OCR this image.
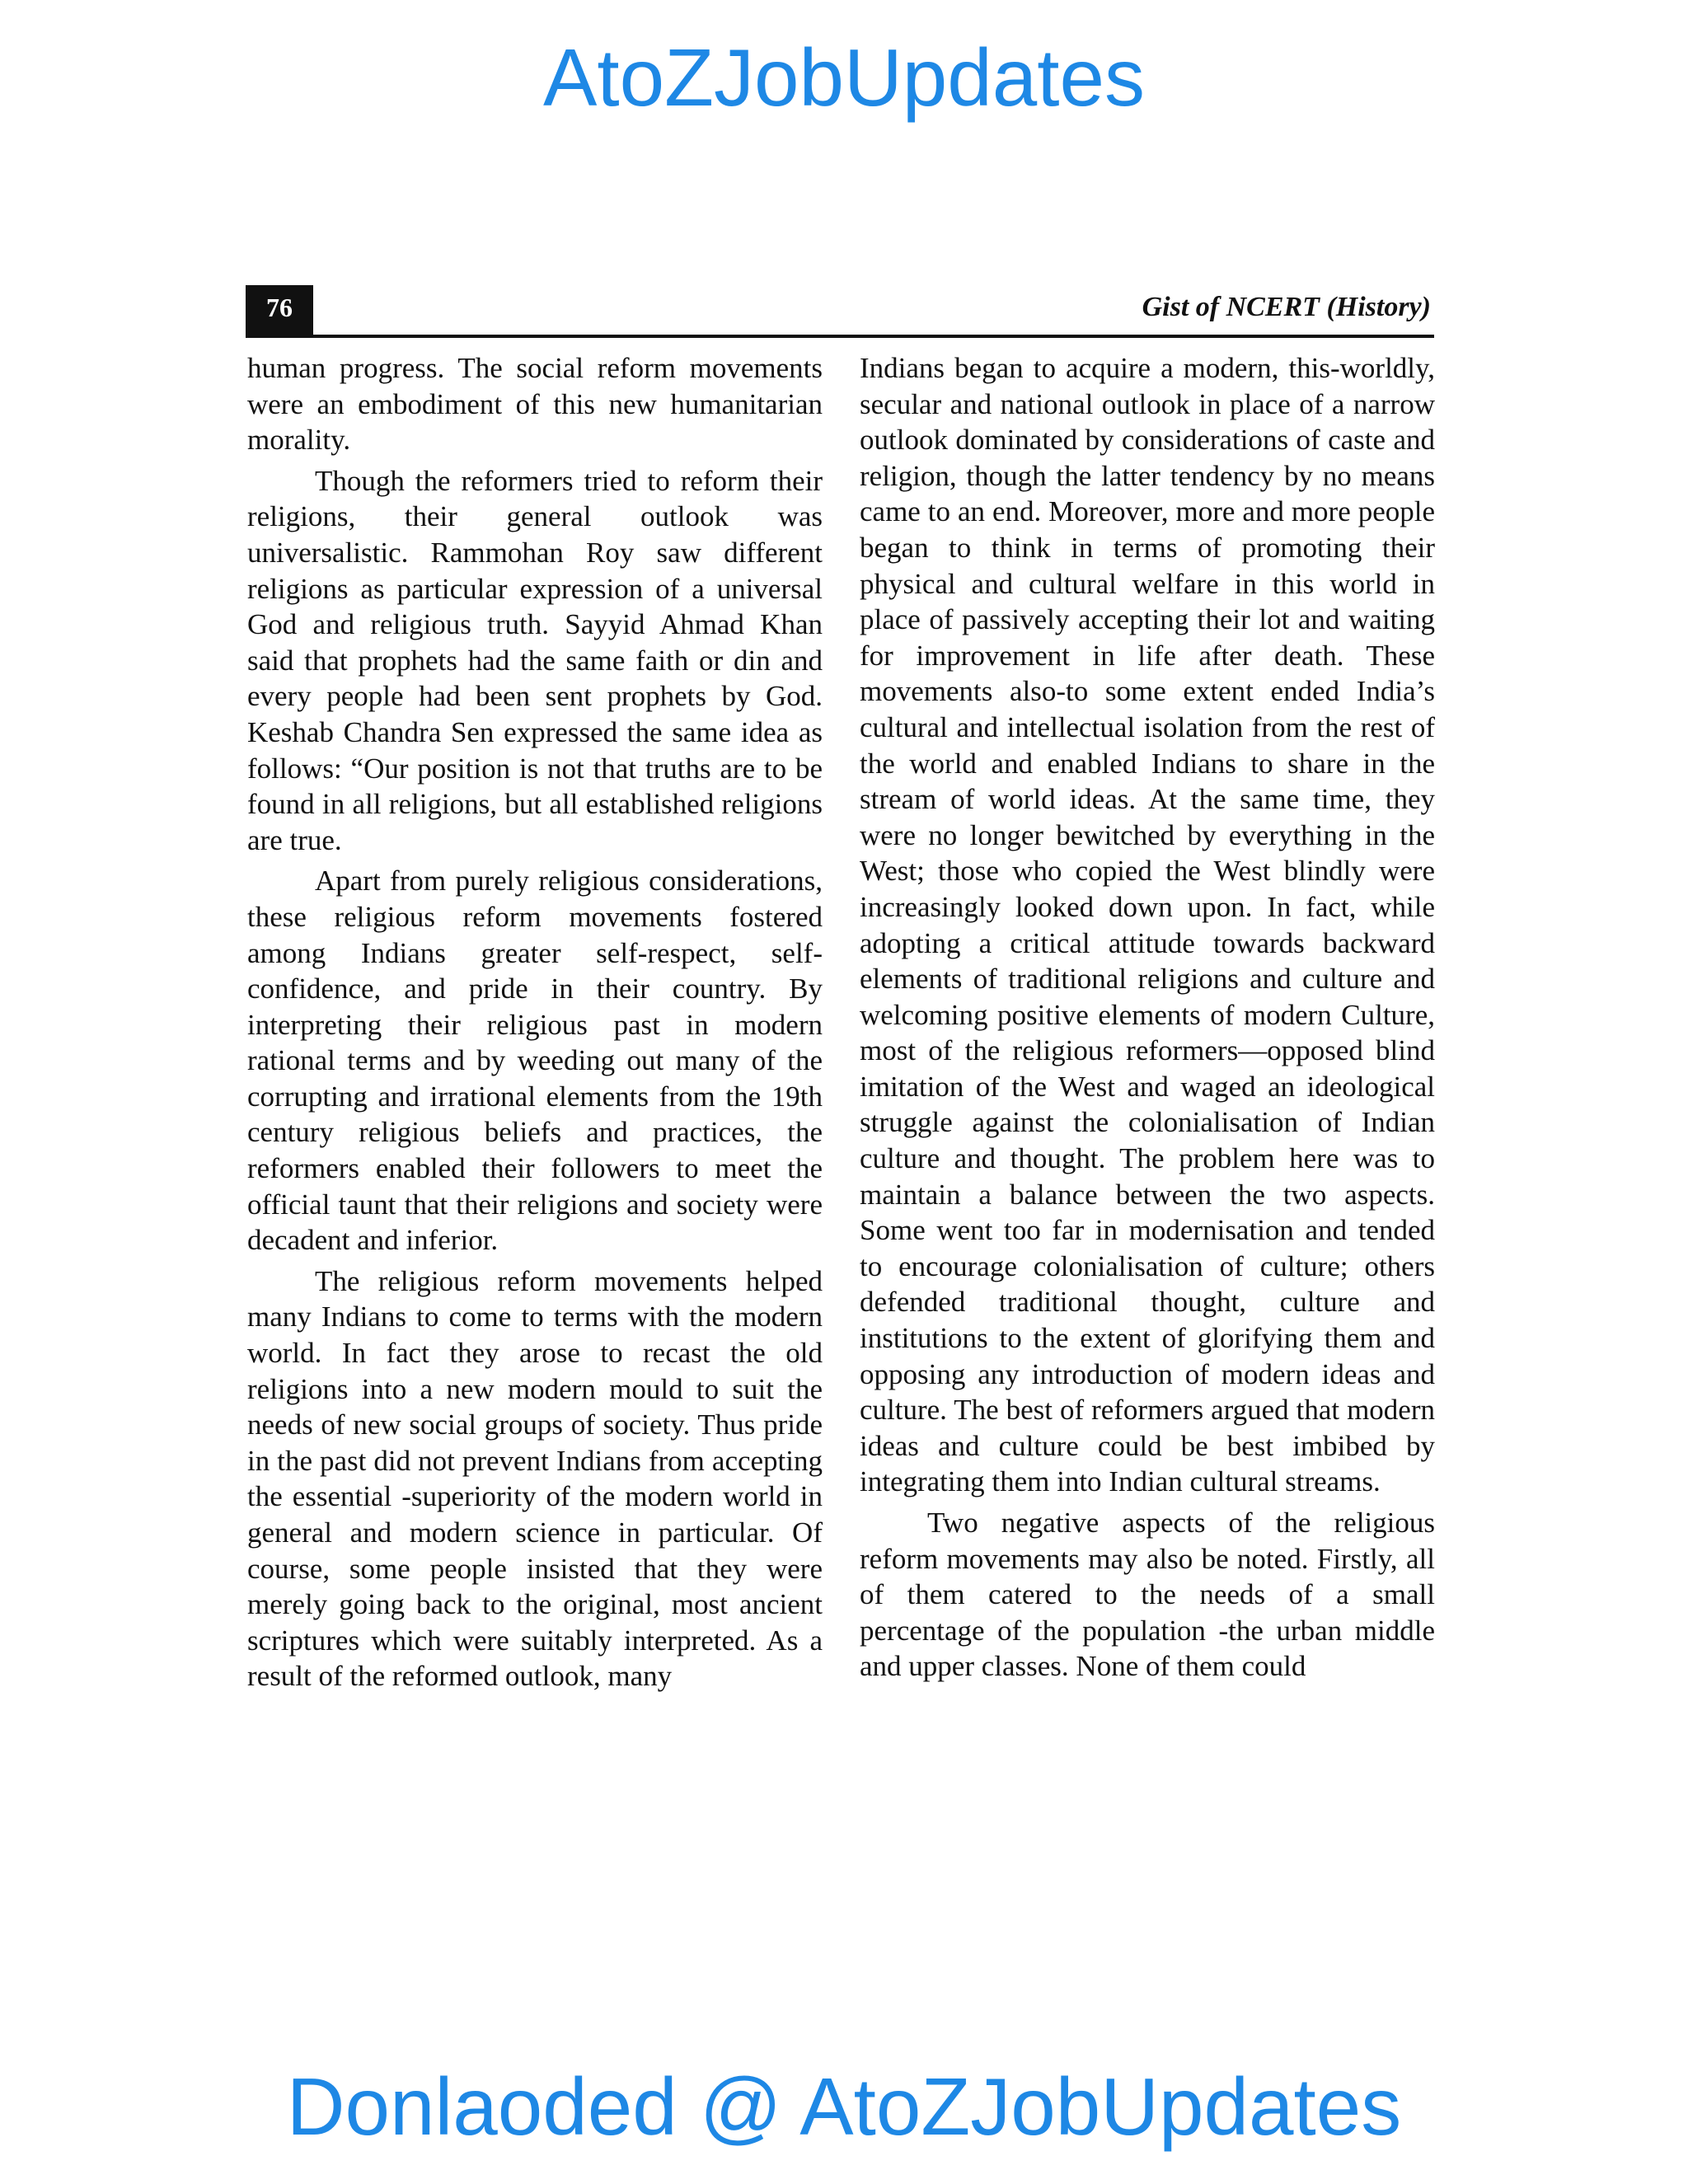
AtoZJobUpdates
76	Gist of NCERT (History)

human progress. The social reform movements were an embodiment of this new humanitarian morality.

Though the reformers tried to reform their religions, their general outlook was universalistic. Rammohan Roy saw different religions as particular expression of a universal God and religious truth. Sayyid Ahmad Khan said that prophets had the same faith or din and every people had been sent prophets by God. Keshab Chandra Sen expressed the same idea as follows: “Our position is not that truths are to be found in all religions, but all established religions are true.

Apart from purely religious considerations, these religious reform movements fostered among Indians greater self-respect, self-confidence, and pride in their country. By interpreting their religious past in modern rational terms and by weeding out many of the corrupting and irrational elements from the 19th century religious beliefs and practices, the reformers enabled their followers to meet the official taunt that their religions and society were decadent and inferior.

The religious reform movements helped many Indians to come to terms with the modern world. In fact they arose to recast the old religions into a new modern mould to suit the needs of new social groups of society. Thus pride in the past did not prevent Indians from accepting the essential -superiority of the modern world in general and modern science in particular. Of course, some people insisted that they were merely going back to the original, most ancient scriptures which were suitably interpreted. As a result of the reformed outlook, many

Indians began to acquire a modern, this-worldly, secular and national outlook in place of a narrow outlook dominated by considerations of caste and religion, though the latter tendency by no means came to an end. Moreover, more and more people began to think in terms of promoting their physical and cultural welfare in this world in place of passively accepting their lot and waiting for improvement in life after death. These movements also-to some extent ended India’s cultural and intellectual isolation from the rest of the world and enabled Indians to share in the stream of world ideas. At the same time, they were no longer bewitched by everything in the West; those who copied the West blindly were increasingly looked down upon. In fact, while adopting a critical attitude towards backward elements of traditional religions and culture and welcoming positive elements of modern Culture, most of the religious reformers—opposed blind imitation of the West and waged an ideological struggle against the colonialisation of Indian culture and thought. The problem here was to maintain a balance between the two aspects. Some went too far in modernisation and tended to encourage colonialisation of culture; others defended traditional thought, culture and institutions to the extent of glorifying them and opposing any introduction of modern ideas and culture. The best of reformers argued that modern ideas and culture could be best imbibed by integrating them into Indian cultural streams.

Two negative aspects of the religious reform movements may also be noted. Firstly, all of them catered to the needs of a small percentage of the population -the urban middle and upper classes. None of them could

Donlaoded @ AtoZJobUpdates
